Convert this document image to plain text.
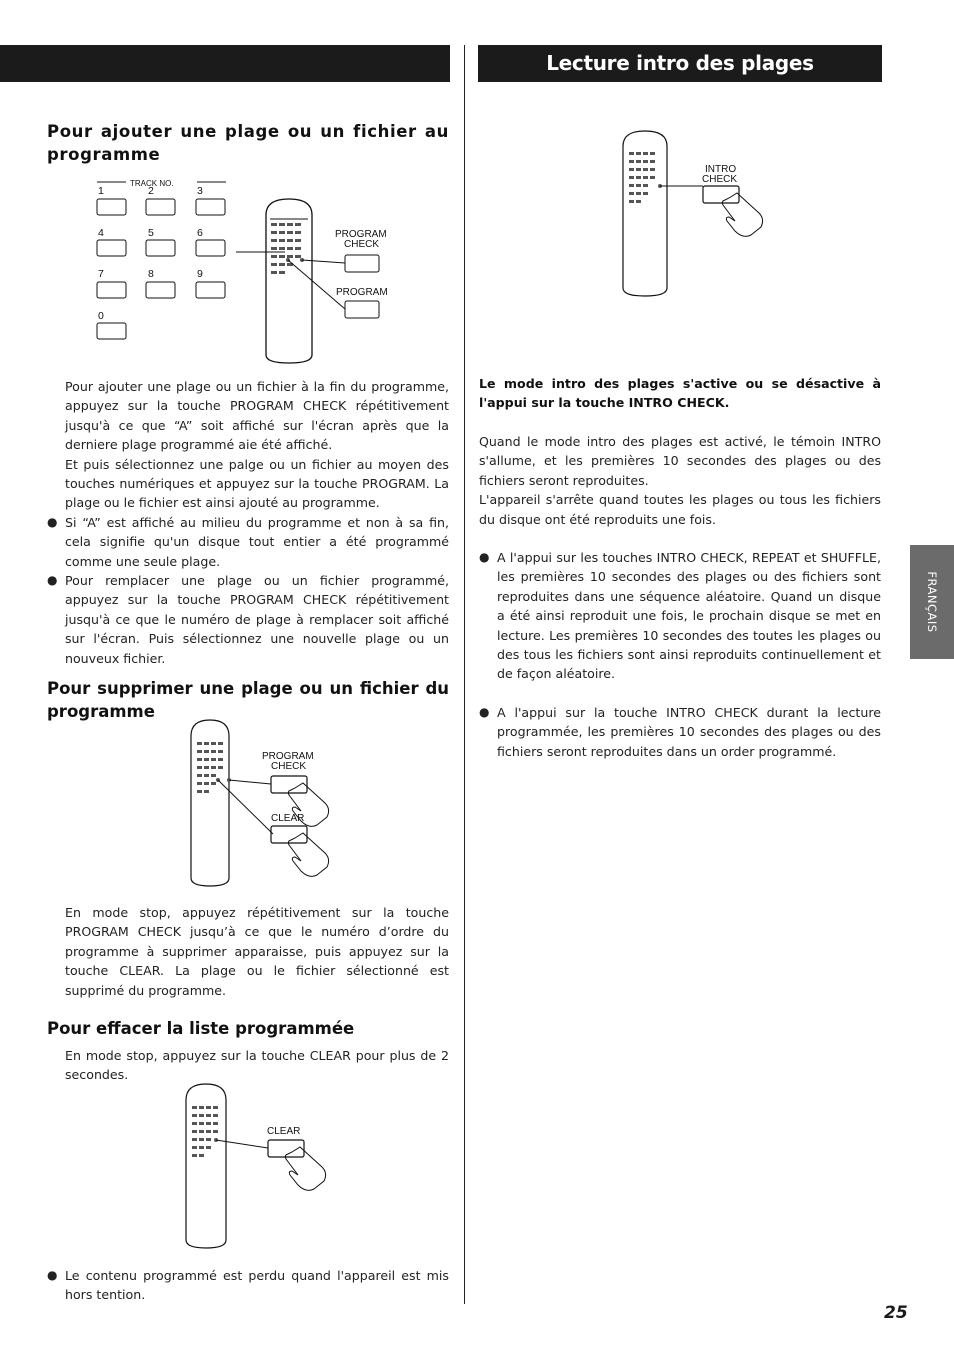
Lecture intro des plages
Pour ajouter une plage ou un fichier au programme
TRACK NO.
1	2	3
4	5	6
7	8	9
0
PROGRAM
CHECK
PROGRAM

Pour ajouter une plage ou un fichier à la fin du programme, appuyez sur la touche PROGRAM CHECK répétitivement jusqu'à ce que “A” soit affiché sur l'écran après que la derniere plage programmé aie été affiché.

Et puis sélectionnez une palge ou un fichier au moyen des touches numériques et appuyez sur la touche PROGRAM. La plage ou le fichier est ainsi ajouté au programme.

● Si “A” est affiché au milieu du programme et non à sa fin, cela signifie qu'un disque tout entier a été programmé comme une seule plage.

● Pour remplacer une plage ou un fichier programmé, appuyez sur la touche PROGRAM CHECK répétitivement jusqu'à ce que le numéro de plage à remplacer soit affiché sur l'écran. Puis sélectionnez une nouvelle plage ou un nouveux fichier.

Pour supprimer une plage ou un fichier du programme
PROGRAM
CHECK
CLEAR
En mode stop, appuyez répétitivement sur la touche PROGRAM CHECK jusqu’à ce que le numéro d’ordre du programme à supprimer apparaisse, puis appuyez sur la touche CLEAR. La plage ou le fichier sélectionné est supprimé du programme.
Pour effacer la liste programmée
En mode stop, appuyez sur la touche CLEAR pour plus de 2 secondes.
CLEAR
● Le contenu programmé est perdu quand l'appareil est mis hors tention.

INTRO
CHECK
Le mode intro des plages s'active ou se désactive à l'appui sur la touche INTRO CHECK.

Quand le mode intro des plages est activé, le témoin INTRO s'allume, et les premières 10 secondes des plages ou des fichiers seront reproduites.

L'appareil s'arrête quand toutes les plages ou tous les fichiers du disque ont été reproduits une fois.

● A l'appui sur les touches INTRO CHECK, REPEAT et SHUFFLE, les premières 10 secondes des plages ou des fichiers sont reproduites dans une séquence aléatoire. Quand un disque a été ainsi reproduit une fois, le prochain disque se met en lecture. Les premières 10 secondes des toutes les plages ou des tous les fichiers sont ainsi reproduits continuellement et de façon aléatoire.

● A l'appui sur la touche INTRO CHECK durant la lecture programmée, les premières 10 secondes des plages ou des fichiers seront reproduites dans un order programmé.

FRANÇAIS
25
